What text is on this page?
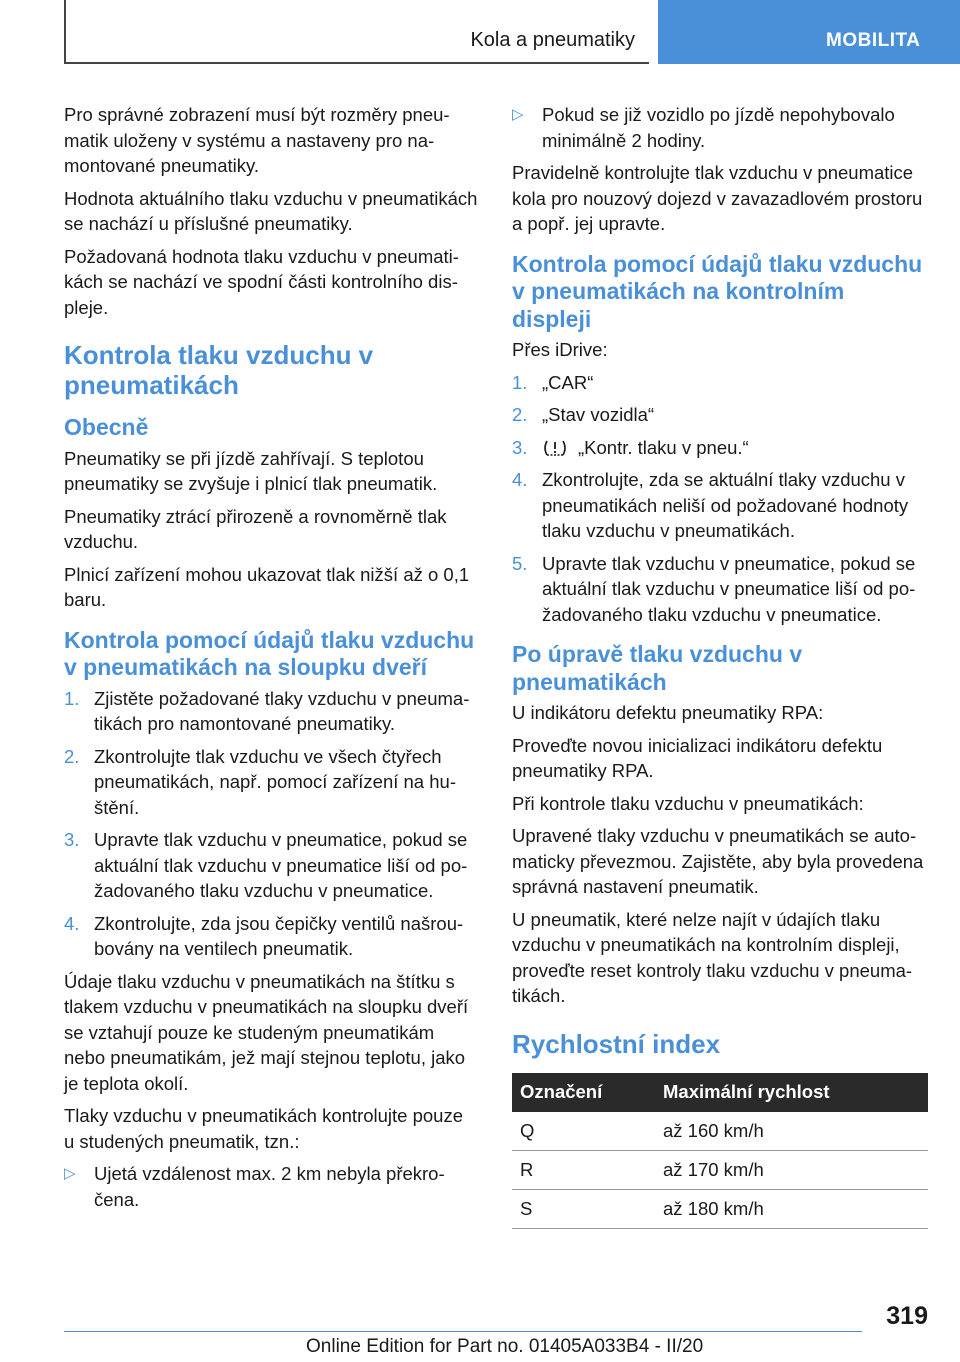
Kola a pneumatiky	MOBILITA

Pro správné zobrazení musí být rozměry pneumatik uloženy v systému a nastaveny pro namontované pneumatiky.

Hodnota aktuálního tlaku vzduchu v pneumatikách se nachází u příslušné pneumatiky.

Požadovaná hodnota tlaku vzduchu v pneumatikách se nachází ve spodní části kontrolního displeje.

Kontrola tlaku vzduchu v pneumatikách
Obecně

Pneumatiky se při jízdě zahřívají. S teplotou pneumatiky se zvyšuje i plnicí tlak pneumatik.

Pneumatiky ztrácí přirozeně a rovnoměrně tlak vzduchu.

Plnicí zařízení mohou ukazovat tlak nižší až o 0,1 baru.

Kontrola pomocí údajů tlaku vzduchu v pneumatikách na sloupku dveří
1. Zjistěte požadované tlaky vzduchu v pneumatikách pro namontované pneumatiky.
2. Zkontrolujte tlak vzduchu ve všech čtyřech pneumatikách, např. pomocí zařízení na huštění.
3. Upravte tlak vzduchu v pneumatice, pokud se aktuální tlak vzduchu v pneumatice liší od požadovaného tlaku vzduchu v pneumatice.
4. Zkontrolujte, zda jsou čepičky ventilů našroubovány na ventilech pneumatik.

Údaje tlaku vzduchu v pneumatikách na štítku s tlakem vzduchu v pneumatikách na sloupku dveří se vztahují pouze ke studeným pneumatikám nebo pneumatikám, jež mají stejnou teplotu, jako je teplota okolí.

Tlaky vzduchu v pneumatikách kontrolujte pouze u studených pneumatik, tzn.:

▷ Ujetá vzdálenost max. 2 km nebyla překročena.
▷ Pokud se již vozidlo po jízdě nepohybovalo minimálně 2 hodiny.

Pravidelně kontrolujte tlak vzduchu v pneumatice kola pro nouzový dojezd v zavazadlovém prostoru a popř. jej upravte.

Kontrola pomocí údajů tlaku vzduchu v pneumatikách na kontrolním displeji

Přes iDrive:

1. „CAR“
2. „Stav vozidla“
3.	„Kontr. tlaku v pneu.“
4. Zkontrolujte, zda se aktuální tlaky vzduchu v pneumatikách neliší od požadované hodnoty tlaku vzduchu v pneumatikách.
5. Upravte tlak vzduchu v pneumatice, pokud se aktuální tlak vzduchu v pneumatice liší od požadovaného tlaku vzduchu v pneumatice.
Po úpravě tlaku vzduchu v pneumatikách

U indikátoru defektu pneumatiky RPA:

Proveďte novou inicializaci indikátoru defektu pneumatiky RPA.

Při kontrole tlaku vzduchu v pneumatikách:

Upravené tlaky vzduchu v pneumatikách se automaticky převezmou. Zajistěte, aby byla provedena správná nastavení pneumatik.

U pneumatik, které nelze najít v údajích tlaku vzduchu v pneumatikách na kontrolním displeji, proveďte reset kontroly tlaku vzduchu v pneumatikách.

Rychlostní index
Označení	Maximální rychlost
Q	až 160 km/h
R	až 170 km/h
S	až 180 km/h
319
Online Edition for Part no. 01405A033B4 - II/20
